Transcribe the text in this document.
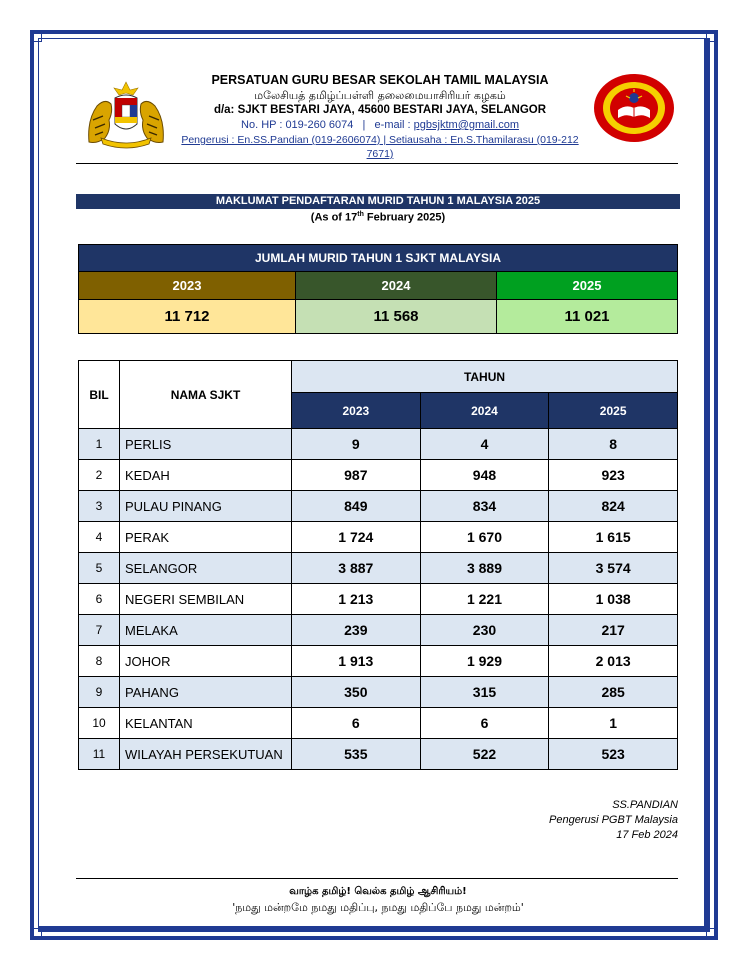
PERSATUAN GURU BESAR SEKOLAH TAMIL MALAYSIA
மலேசியத் தமிழ்ப்பள்ளி தலைமையாசிரியர் கழகம்
d/a: SJKT BESTARI JAYA, 45600 BESTARI JAYA, SELANGOR
No. HP : 019-260 6074 | e-mail : pgbsjktm@gmail.com
Pengerusi : En.SS.Pandian (019-2606074) | Setiausaha : En.S.Thamilarasu (019-212 7671)
MAKLUMAT PENDAFTARAN MURID TAHUN 1 MALAYSIA 2025
(As of 17th February 2025)
JUMLAH MURID TAHUN 1 SJKT MALAYSIA
2023	2024	2025
11 712	11 568	11 021
BIL	NAMA SJKT	TAHUN		
		2023	2024	2025
1	PERLIS	9	4	8
2	KEDAH	987	948	923
3	PULAU PINANG	849	834	824
4	PERAK	1 724	1 670	1 615
5	SELANGOR	3 887	3 889	3 574
6	NEGERI SEMBILAN	1 213	1 221	1 038
7	MELAKA	239	230	217
8	JOHOR	1 913	1 929	2 013
9	PAHANG	350	315	285
10	KELANTAN	6	6	1
11	WILAYAH PERSEKUTUAN	535	522	523
SS.PANDIAN
Pengerusi PGBT Malaysia
17 Feb 2024
வாழ்க தமிழ்! வெல்க தமிழ் ஆசிரியம்!
'நமது மன்றமே நமது மதிப்பு, நமது மதிப்பே நமது மன்றம்'
